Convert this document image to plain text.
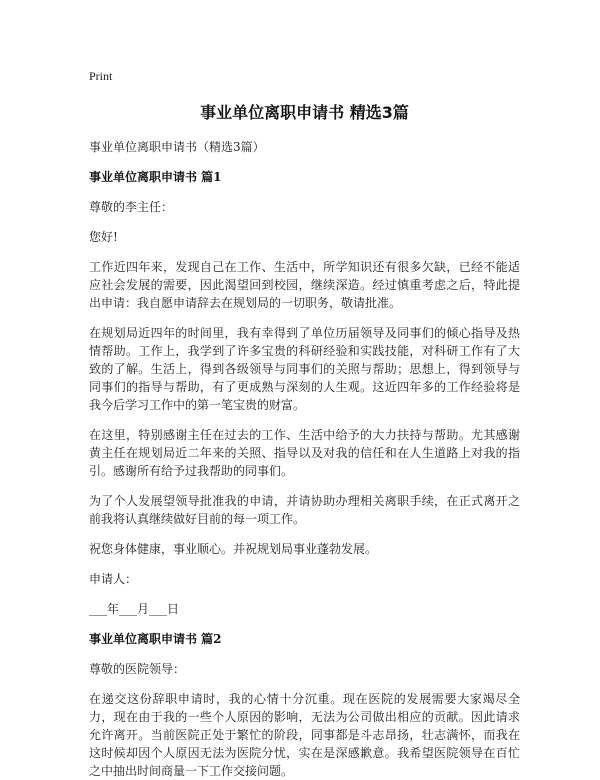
Print

事业单位离职申请书 精选3篇

事业单位离职申请书（精选3篇）

事业单位离职申请书 篇1

尊敬的李主任：

您好!

工作近四年来，发现自己在工作、生活中，所学知识还有很多欠缺，已经不能适应社会发展的需要，因此渴望回到校园，继续深造。经过慎重考虑之后，特此提出申请：我自愿申请辞去在规划局的一切职务，敬请批准。

在规划局近四年的时间里，我有幸得到了单位历届领导及同事们的倾心指导及热情帮助。工作上，我学到了许多宝贵的科研经验和实践技能，对科研工作有了大致的了解。生活上，得到各级领导与同事们的关照与帮助；思想上，得到领导与同事们的指导与帮助，有了更成熟与深刻的人生观。这近四年多的工作经验将是我今后学习工作中的第一笔宝贵的财富。

在这里，特别感谢主任在过去的工作、生活中给予的大力扶持与帮助。尤其感谢黄主任在规划局近二年来的关照、指导以及对我的信任和在人生道路上对我的指引。感谢所有给予过我帮助的同事们。

为了个人发展望领导批准我的申请，并请协助办理相关离职手续，在正式离开之前我将认真继续做好目前的每一项工作。

祝您身体健康，事业顺心。并祝规划局事业蓬勃发展。

申请人：

___年___月___日

事业单位离职申请书 篇2

尊敬的医院领导：

在递交这份辞职申请时，我的心情十分沉重。现在医院的发展需要大家竭尽全力，现在由于我的一些个人原因的影响，无法为公司做出相应的贡献。因此请求允许离开。当前医院正处于繁忙的阶段，同事都是斗志昂扬，壮志满怀，而我在这时候却因个人原因无法为医院分忧，实在是深感歉意。我希望医院领导在百忙之中抽出时间商量一下工作交接问题。
